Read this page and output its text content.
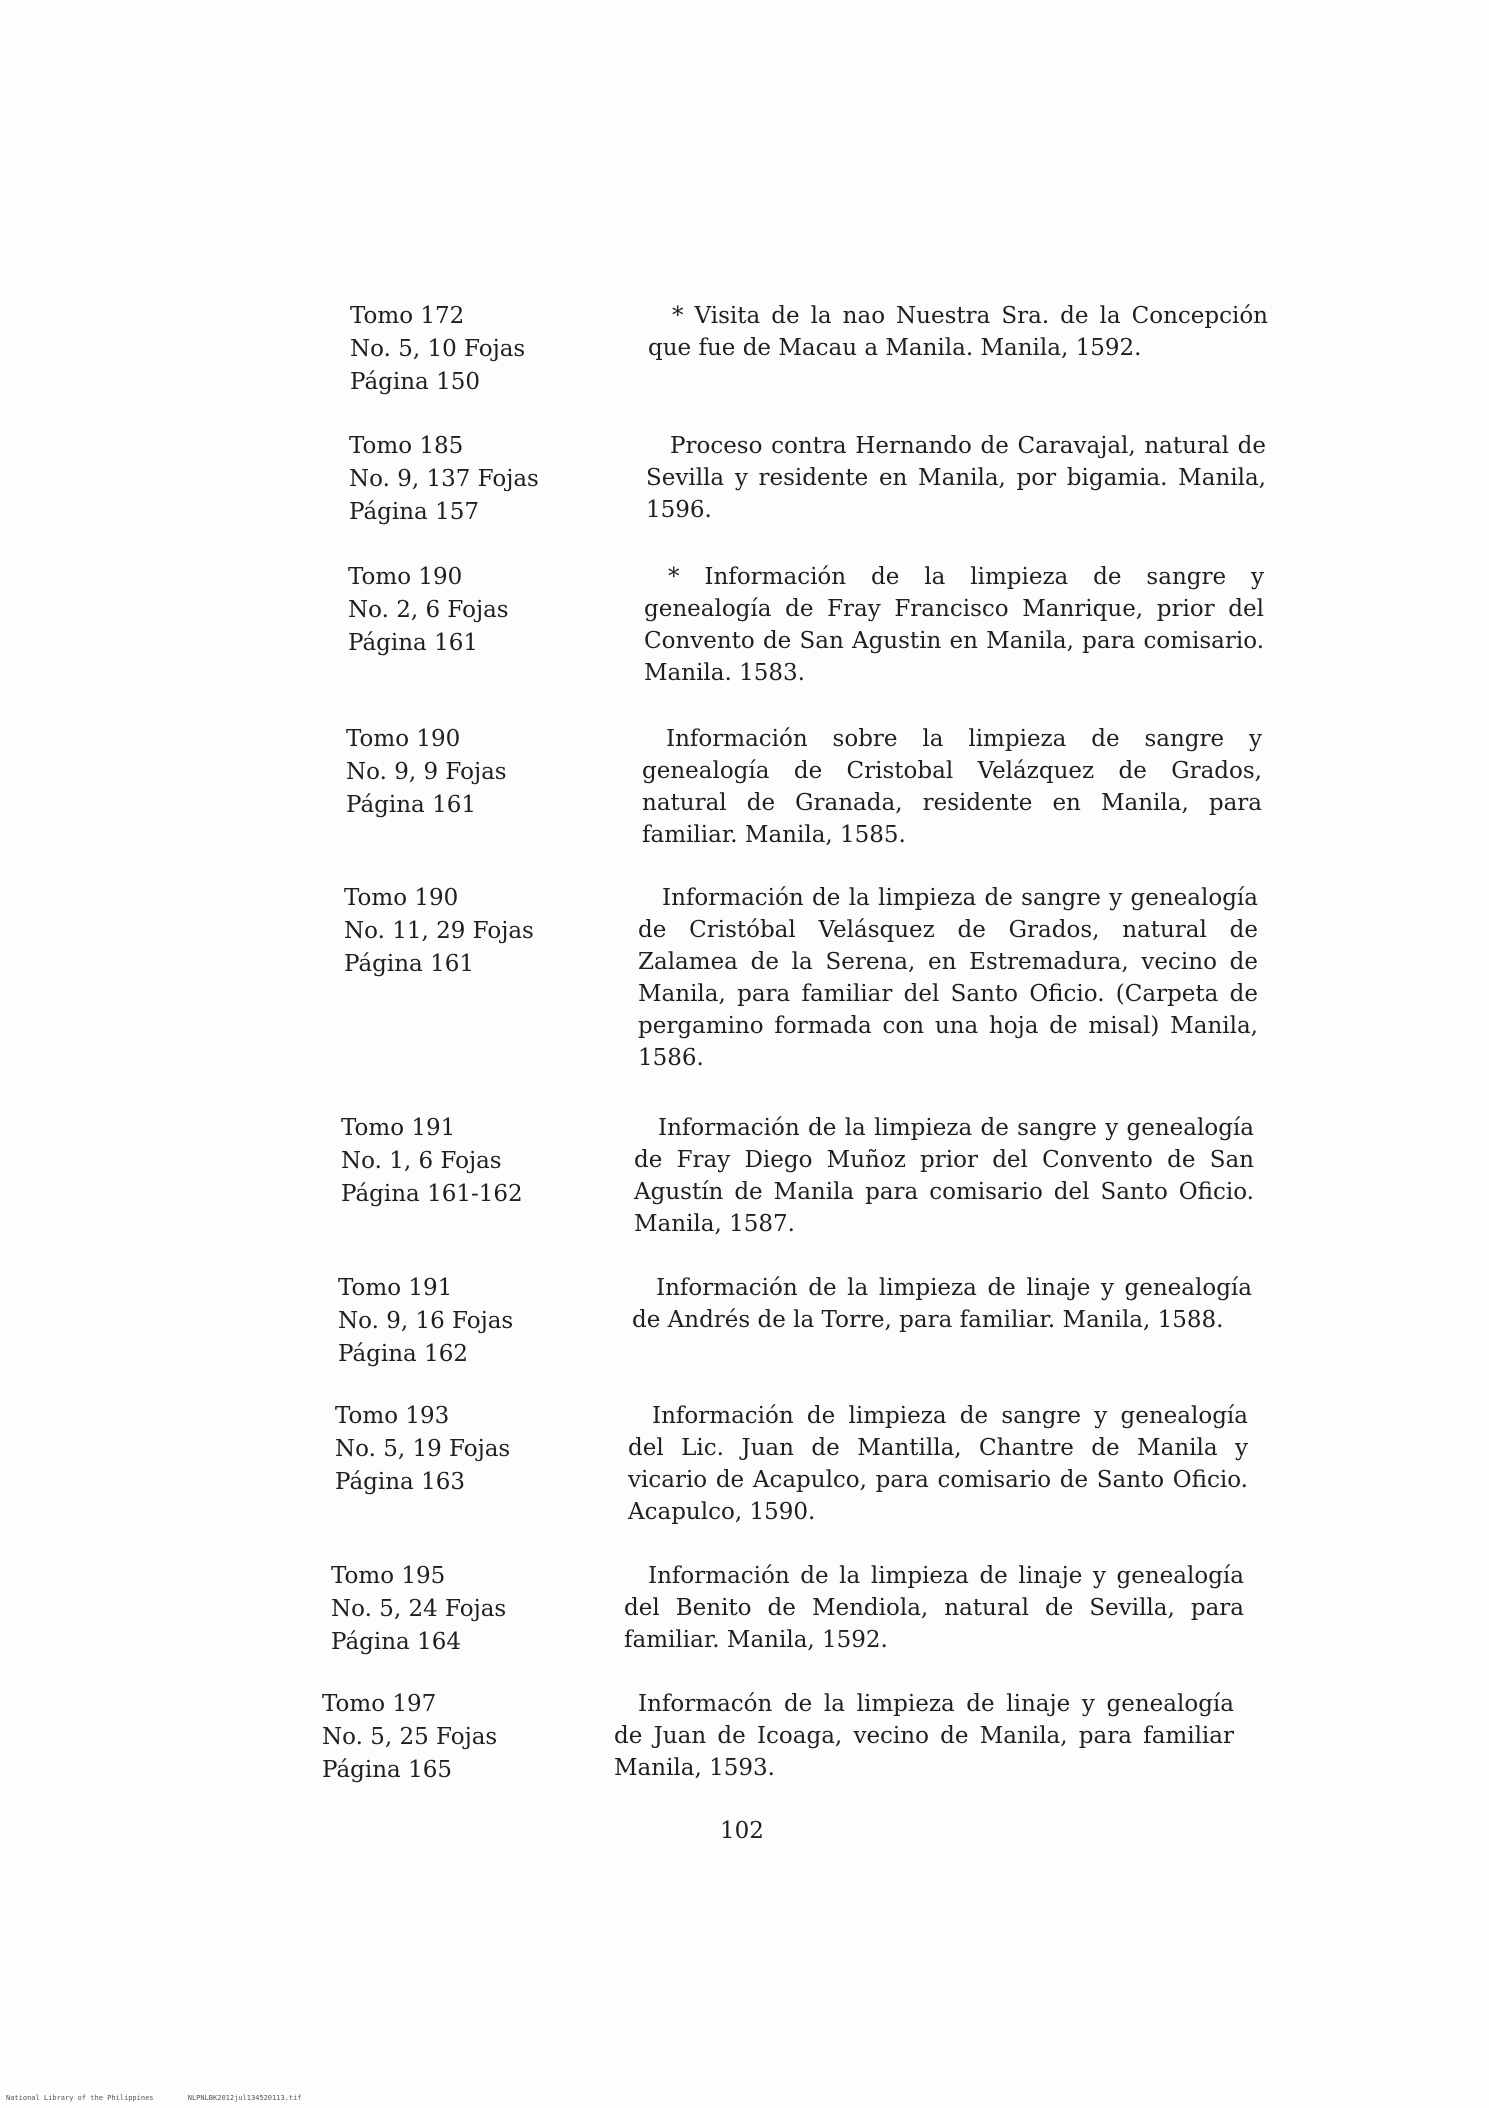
Tomo 172
No. 5, 10 Fojas
Página 150
* Visita de la nao Nuestra Sra. de la Concepción que fue de Macau a Manila. Manila, 1592.
Tomo 185
No. 9, 137 Fojas
Página 157
Proceso contra Hernando de Caravajal, natural de Sevilla y residente en Manila, por bigamia. Manila, 1596.
Tomo 190
No. 2, 6 Fojas
Página 161
* Información de la limpieza de sangre y genealogía de Fray Francisco Manrique, prior del Convento de San Agustin en Manila, para comisario. Manila. 1583.
Tomo 190
No. 9, 9 Fojas
Página 161
Información sobre la limpieza de sangre y genealogía de Cristobal Velázquez de Grados, natural de Granada, residente en Manila, para familiar. Manila, 1585.
Tomo 190
No. 11, 29 Fojas
Página 161
Información de la limpieza de sangre y genealogía de Cristóbal Velásquez de Grados, natural de Zalamea de la Serena, en Estremadura, vecino de Manila, para familiar del Santo Oficio. (Carpeta de pergamino formada con una hoja de misal) Manila, 1586.
Tomo 191
No. 1, 6 Fojas
Página 161-162
Información de la limpieza de sangre y genealogía de Fray Diego Muñoz prior del Convento de San Agustín de Manila para comisario del Santo Oficio. Manila, 1587.
Tomo 191
No. 9, 16 Fojas
Página 162
Información de la limpieza de linaje y genealogía de Andrés de la Torre, para familiar. Manila, 1588.
Tomo 193
No. 5, 19 Fojas
Página 163
Información de limpieza de sangre y genealogía del Lic. Juan de Mantilla, Chantre de Manila y vicario de Acapulco, para comisario de Santo Oficio. Acapulco, 1590.
Tomo 195
No. 5, 24 Fojas
Página 164
Información de la limpieza de linaje y genealogía del Benito de Mendiola, natural de Sevilla, para familiar. Manila, 1592.
Tomo 197
No. 5, 25 Fojas
Página 165
Informacón de la limpieza de linaje y genealogía de Juan de Icoaga, vecino de Manila, para familiar Manila, 1593.
102
National Library of the Philippines	NLPNLBK2012jul134520113.tif
